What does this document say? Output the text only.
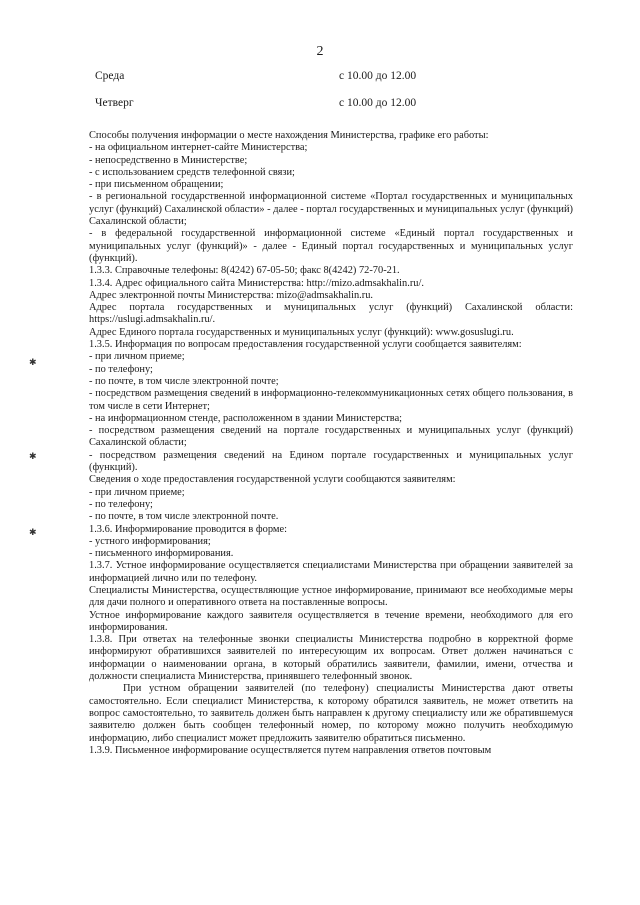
2
Среда	с 10.00 до 12.00
Четверг	с 10.00 до 12.00

Способы получения информации о месте нахождения Министерства, графике его работы:

- на официальном интернет-сайте Министерства;

- непосредственно в Министерстве;

- с использованием средств телефонной связи;

- при письменном обращении;

- в региональной государственной информационной системе «Портал государственных и муниципальных услуг (функций) Сахалинской области» - далее - портал государственных и муниципальных услуг (функций) Сахалинской области;

- в федеральной государственной информационной системе «Единый портал государственных и муниципальных услуг (функций)» - далее - Единый портал государственных и муниципальных услуг (функций).

1.3.3. Справочные телефоны: 8(4242) 67-05-50; факс 8(4242) 72-70-21.

1.3.4. Адрес официального сайта Министерства: http://mizo.admsakhalin.ru/.

Адрес электронной почты Министерства: mizo@admsakhalin.ru.

Адрес портала государственных и муниципальных услуг (функций) Сахалинской области: https://uslugi.admsakhalin.ru/.

Адрес Единого портала государственных и муниципальных услуг (функций): www.gosuslugi.ru.

1.3.5. Информация по вопросам предоставления государственной услуги сообщается заявителям:

- при личном приеме;

- по телефону;

- по почте, в том числе электронной почте;

- посредством размещения сведений в информационно-телекоммуникационных сетях общего пользования, в том числе в сети Интернет;

- на информационном стенде, расположенном в здании Министерства;

- посредством размещения сведений на портале государственных и муниципальных услуг (функций) Сахалинской области;

- посредством размещения сведений на Едином портале государственных и муниципальных услуг (функций).

Сведения о ходе предоставления государственной услуги сообщаются заявителям:

- при личном приеме;

- по телефону;

- по почте, в том числе электронной почте.

1.3.6. Информирование проводится в форме:

- устного информирования;

- письменного информирования.

1.3.7. Устное информирование осуществляется специалистами Министерства при обращении заявителей за информацией лично или по телефону.

Специалисты Министерства, осуществляющие устное информирование, принимают все необходимые меры для дачи полного и оперативного ответа на поставленные вопросы.

Устное информирование каждого заявителя осуществляется в течение времени, необходимого для его информирования.

1.3.8. При ответах на телефонные звонки специалисты Министерства подробно в корректной форме информируют обратившихся заявителей по интересующим их вопросам. Ответ должен начинаться с информации о наименовании органа, в который обратились заявители, фамилии, имени, отчества и должности специалиста Министерства, принявшего телефонный звонок.

При устном обращении заявителей (по телефону) специалисты Министерства дают ответы самостоятельно. Если специалист Министерства, к которому обратился заявитель, не может ответить на вопрос самостоятельно, то заявитель должен быть направлен к другому специалисту или же обратившемуся заявителю должен быть сообщен телефонный номер, по которому можно получить необходимую информацию, либо специалист может предложить заявителю обратиться письменно.

1.3.9. Письменное информирование осуществляется путем направления ответов почтовым

✱
✱
✱
